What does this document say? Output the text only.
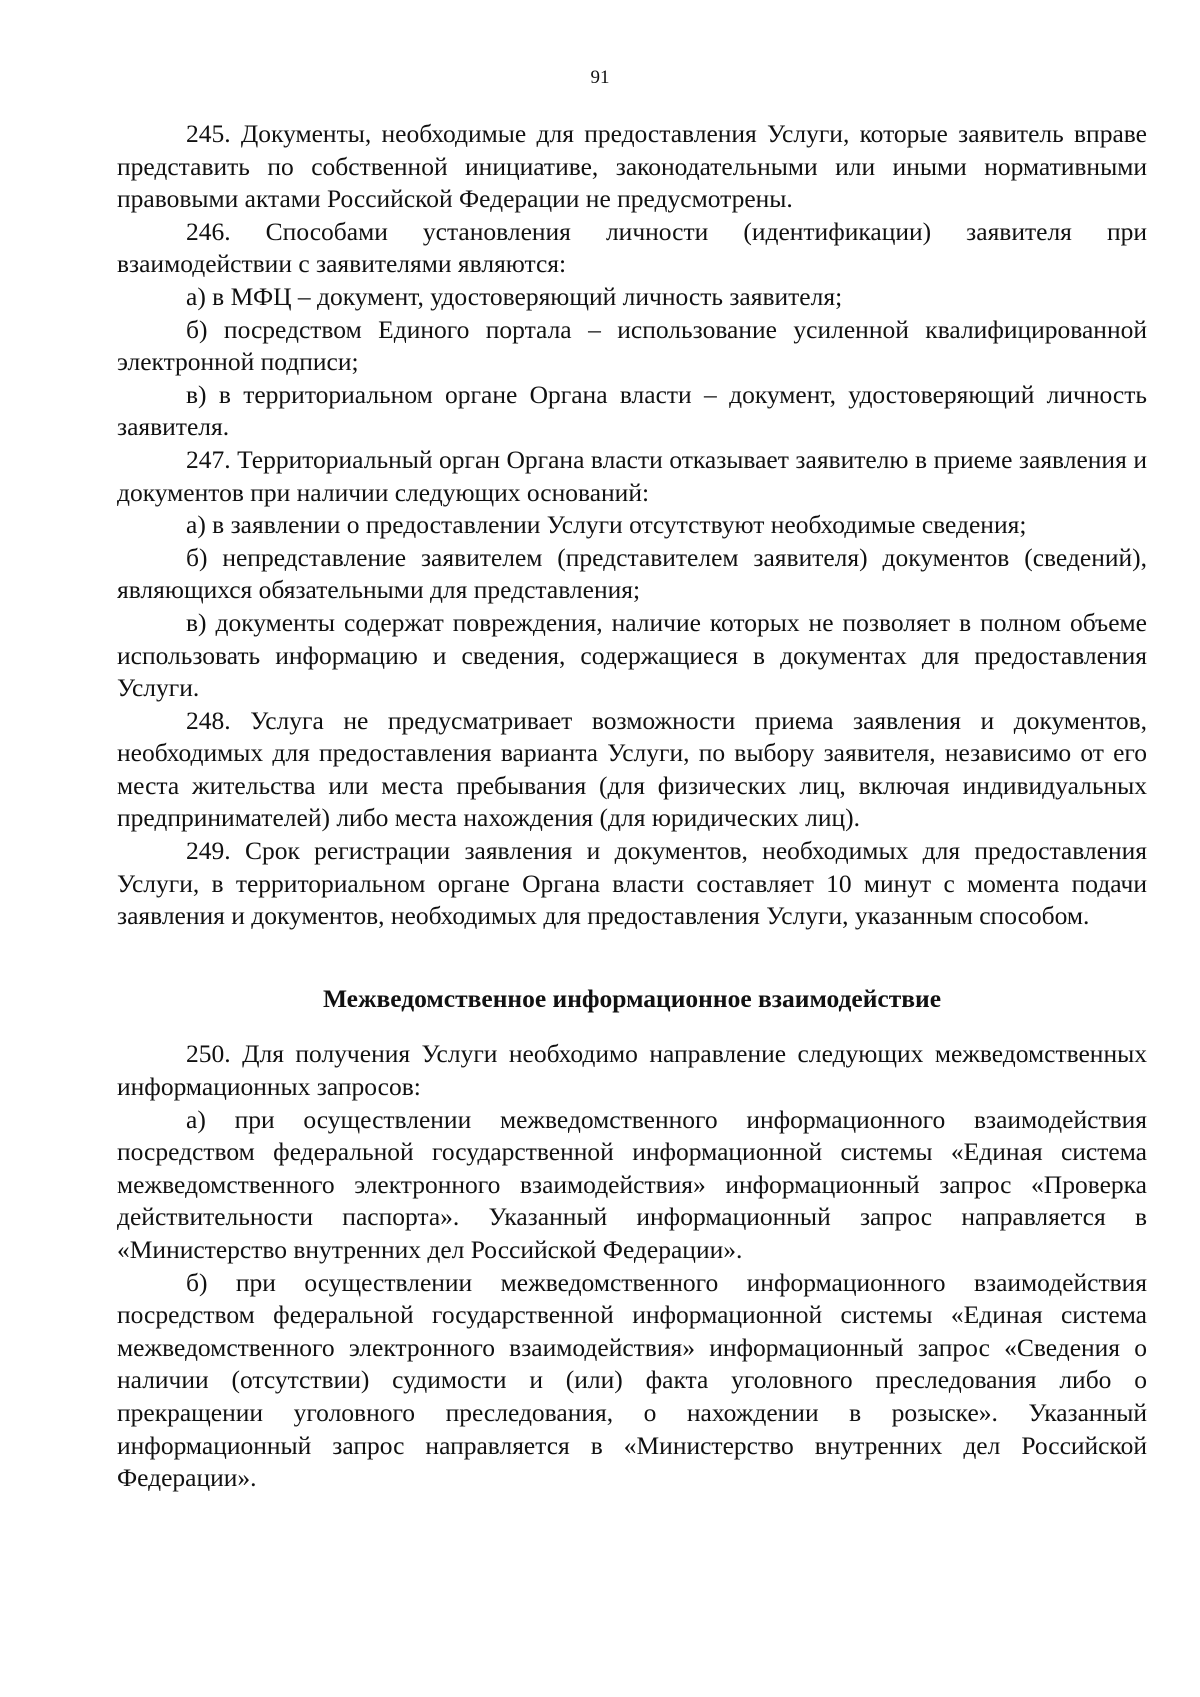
91

245. Документы, необходимые для предоставления Услуги, которые заявитель вправе представить по собственной инициативе, законодательными или иными нормативными правовыми актами Российской Федерации не предусмотрены.

246. Способами установления личности (идентификации) заявителя при взаимодействии с заявителями являются:

а) в МФЦ – документ, удостоверяющий личность заявителя;

б) посредством Единого портала – использование усиленной квалифицированной электронной подписи;

в) в территориальном органе Органа власти – документ, удостоверяющий личность заявителя.

247. Территориальный орган Органа власти отказывает заявителю в приеме заявления и документов при наличии следующих оснований:

а) в заявлении о предоставлении Услуги отсутствуют необходимые сведения;

б) непредставление заявителем (представителем заявителя) документов (сведений), являющихся обязательными для представления;

в) документы содержат повреждения, наличие которых не позволяет в полном объеме использовать информацию и сведения, содержащиеся в документах для предоставления Услуги.

248. Услуга не предусматривает возможности приема заявления и документов, необходимых для предоставления варианта Услуги, по выбору заявителя, независимо от его места жительства или места пребывания (для физических лиц, включая индивидуальных предпринимателей) либо места нахождения (для юридических лиц).

249. Срок регистрации заявления и документов, необходимых для предоставления Услуги, в территориальном органе Органа власти составляет 10 минут с момента подачи заявления и документов, необходимых для предоставления Услуги, указанным способом.

Межведомственное информационное взаимодействие

250. Для получения Услуги необходимо направление следующих межведомственных информационных запросов:

а) при осуществлении межведомственного информационного взаимодействия посредством федеральной государственной информационной системы «Единая система межведомственного электронного взаимодействия» информационный запрос «Проверка действительности паспорта». Указанный информационный запрос направляется в «Министерство внутренних дел Российской Федерации».

б) при осуществлении межведомственного информационного взаимодействия посредством федеральной государственной информационной системы «Единая система межведомственного электронного взаимодействия» информационный запрос «Сведения о наличии (отсутствии) судимости и (или) факта уголовного преследования либо о прекращении уголовного преследования, о нахождении в розыске». Указанный информационный запрос направляется в «Министерство внутренних дел Российской Федерации».
